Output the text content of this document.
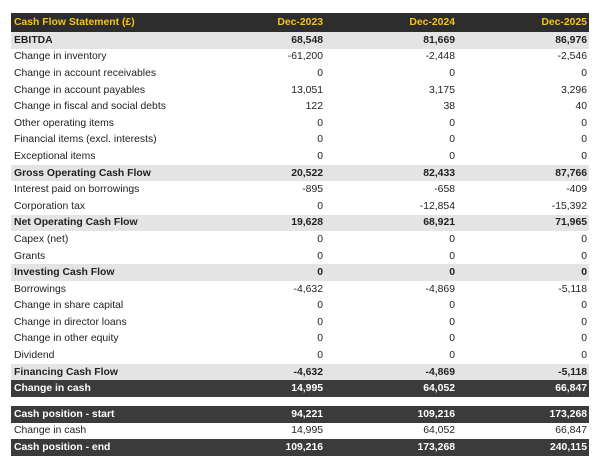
Cash Flow Statement (£)	Dec-2023	Dec-2024	Dec-2025
EBITDA	68,548	81,669	86,976
Change in inventory	-61,200	-2,448	-2,546
Change in account receivables	0	0	0
Change in account payables	13,051	3,175	3,296
Change in fiscal and social debts	122	38	40
Other operating items	0	0	0
Financial items (excl. interests)	0	0	0
Exceptional items	0	0	0
Gross Operating Cash Flow	20,522	82,433	87,766
Interest paid on borrowings	-895	-658	-409
Corporation tax	0	-12,854	-15,392
Net Operating Cash Flow	19,628	68,921	71,965
Capex (net)	0	0	0
Grants	0	0	0
Investing Cash Flow	0	0	0
Borrowings	-4,632	-4,869	-5,118
Change in share capital	0	0	0
Change in director loans	0	0	0
Change in other equity	0	0	0
Dividend	0	0	0
Financing Cash Flow	-4,632	-4,869	-5,118
Change in cash	14,995	64,052	66,847
Cash position - start	94,221	109,216	173,268
Change in cash	14,995	64,052	66,847
Cash position - end	109,216	173,268	240,115
